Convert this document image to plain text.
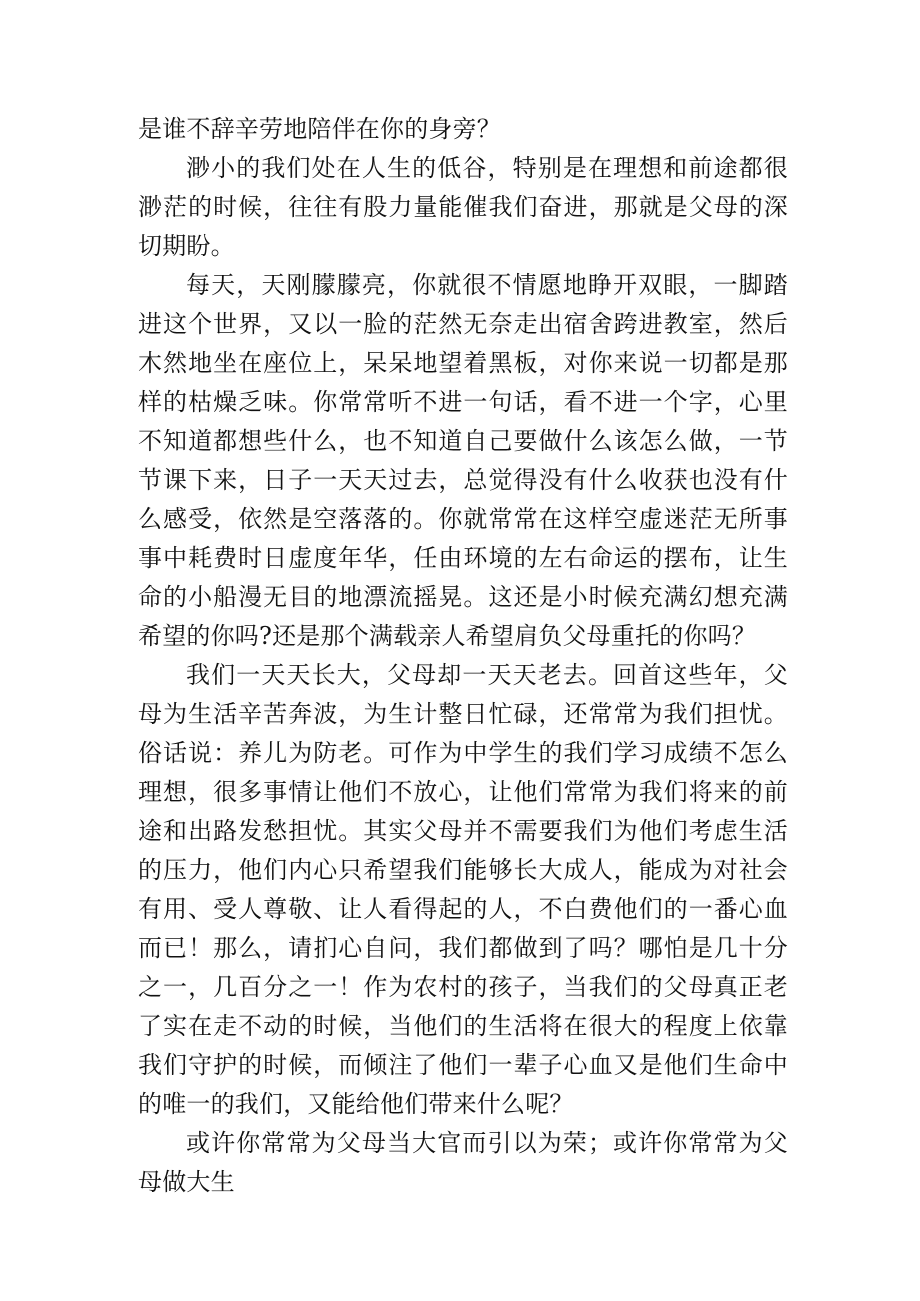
是谁不辞辛劳地陪伴在你的身旁？

渺小的我们处在人生的低谷，特别是在理想和前途都很渺茫的时候，往往有股力量能催我们奋进，那就是父母的深切期盼。

每天，天刚朦朦亮，你就很不情愿地睁开双眼，一脚踏进这个世界，又以一脸的茫然无奈走出宿舍跨进教室，然后木然地坐在座位上，呆呆地望着黑板，对你来说一切都是那样的枯燥乏味。你常常听不进一句话，看不进一个字，心里不知道都想些什么，也不知道自己要做什么该怎么做，一节节课下来，日子一天天过去，总觉得没有什么收获也没有什么感受，依然是空落落的。你就常常在这样空虚迷茫无所事事中耗费时日虚度年华，任由环境的左右命运的摆布，让生命的小船漫无目的地漂流摇晃。这还是小时候充满幻想充满希望的你吗?还是那个满载亲人希望肩负父母重托的你吗？

我们一天天长大，父母却一天天老去。回首这些年，父母为生活辛苦奔波，为生计整日忙碌，还常常为我们担忧。俗话说：养儿为防老。可作为中学生的我们学习成绩不怎么理想，很多事情让他们不放心，让他们常常为我们将来的前途和出路发愁担忧。其实父母并不需要我们为他们考虑生活的压力，他们内心只希望我们能够长大成人，能成为对社会有用、受人尊敬、让人看得起的人，不白费他们的一番心血而已！那么，请扪心自问，我们都做到了吗？哪怕是几十分之一，几百分之一！作为农村的孩子，当我们的父母真正老了实在走不动的时候，当他们的生活将在很大的程度上依靠我们守护的时候，而倾注了他们一辈子心血又是他们生命中的唯一的我们，又能给他们带来什么呢？

或许你常常为父母当大官而引以为荣；或许你常常为父母做大生
